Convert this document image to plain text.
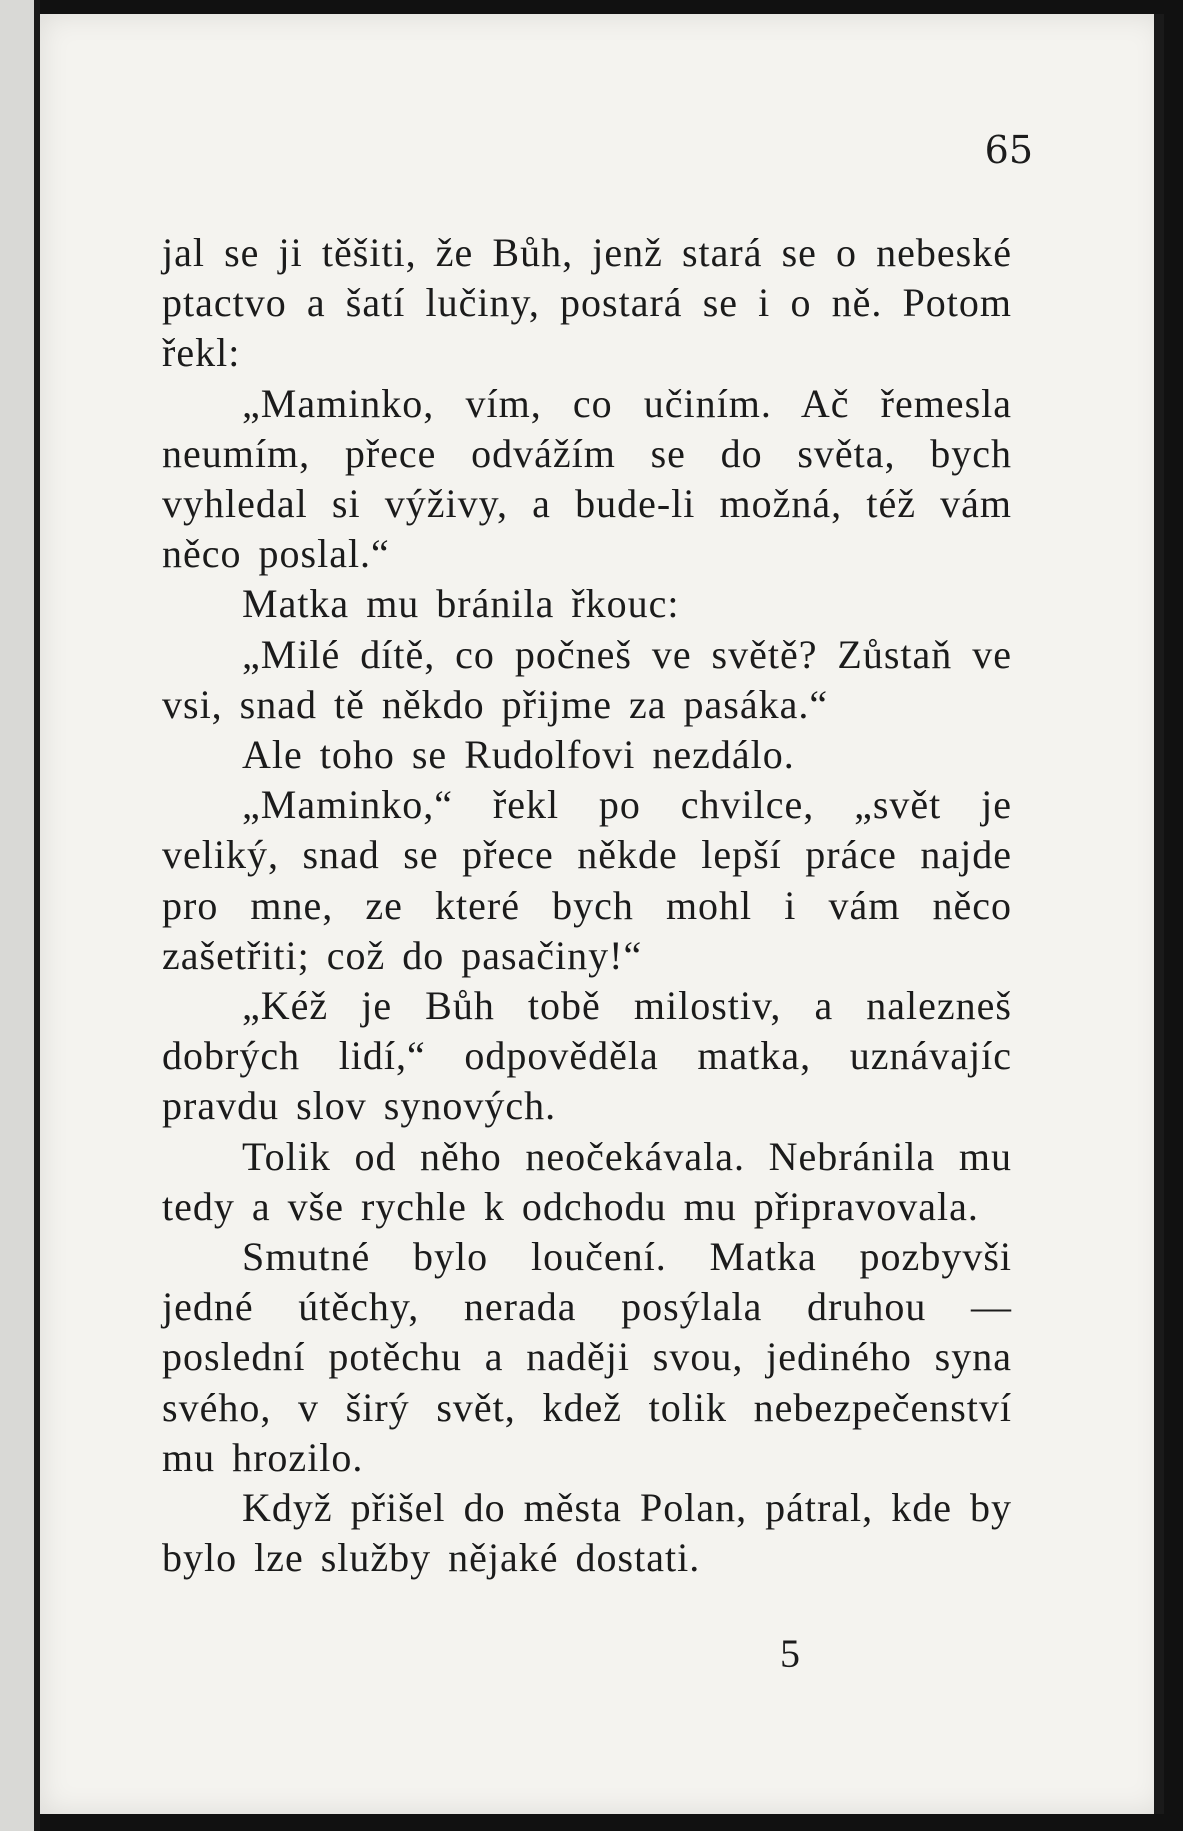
65

jal se ji těšiti, že Bůh, jenž stará se o nebeské ptactvo a šatí lučiny, postará se i o ně. Potom řekl:

„Maminko, vím, co učiním. Ač řemesla neumím, přece odvážím se do světa, bych vyhledal si výživy, a bude-li možná, též vám něco poslal.“

Matka mu bránila řkouc:

„Milé dítě, co počneš ve světě? Zůstaň ve vsi, snad tě někdo přijme za pasáka.“

Ale toho se Rudolfovi nezdálo.

„Maminko,“ řekl po chvilce, „svět je veliký, snad se přece někde lepší práce najde pro mne, ze které bych mohl i vám něco zašetřiti; což do pasačiny!“

„Kéž je Bůh tobě milostiv, a nalezneš dobrých lidí,“ odpověděla matka, uznávajíc pravdu slov synových.

Tolik od něho neočekávala. Nebránila mu tedy a vše rychle k odchodu mu připravovala.

Smutné bylo loučení. Matka pozbyvši jedné útěchy, nerada posýlala druhou — poslední potěchu a naději svou, jediného syna svého, v širý svět, kdež tolik nebezpečenství mu hrozilo.

Když přišel do města Polan, pátral, kde by bylo lze služby nějaké dostati.

5
